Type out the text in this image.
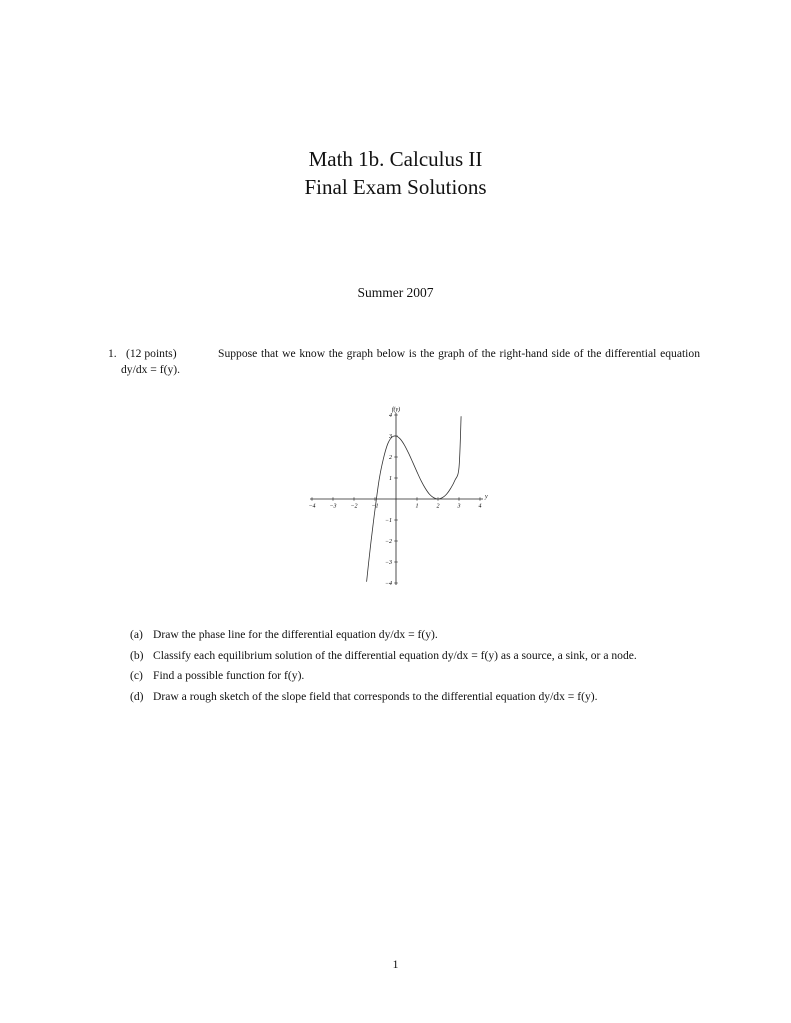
Math 1b. Calculus II
Final Exam Solutions
Summer 2007
1. (12 points)	Suppose that we know the graph below is the graph of the right-hand side of the differential equation dy/dx = f(y).
−4 −3 −2 −1	1	2	3	4
−4
−3
−2
−1
1
2
3
4
y
f(y)
(a) Draw the phase line for the differential equation dy/dx = f(y).
(b) Classify each equilibrium solution of the differential equation dy/dx = f(y) as a source, a sink, or a node.
(c) Find a possible function for f(y).
(d) Draw a rough sketch of the slope field that corresponds to the differential equation dy/dx = f(y).
1
